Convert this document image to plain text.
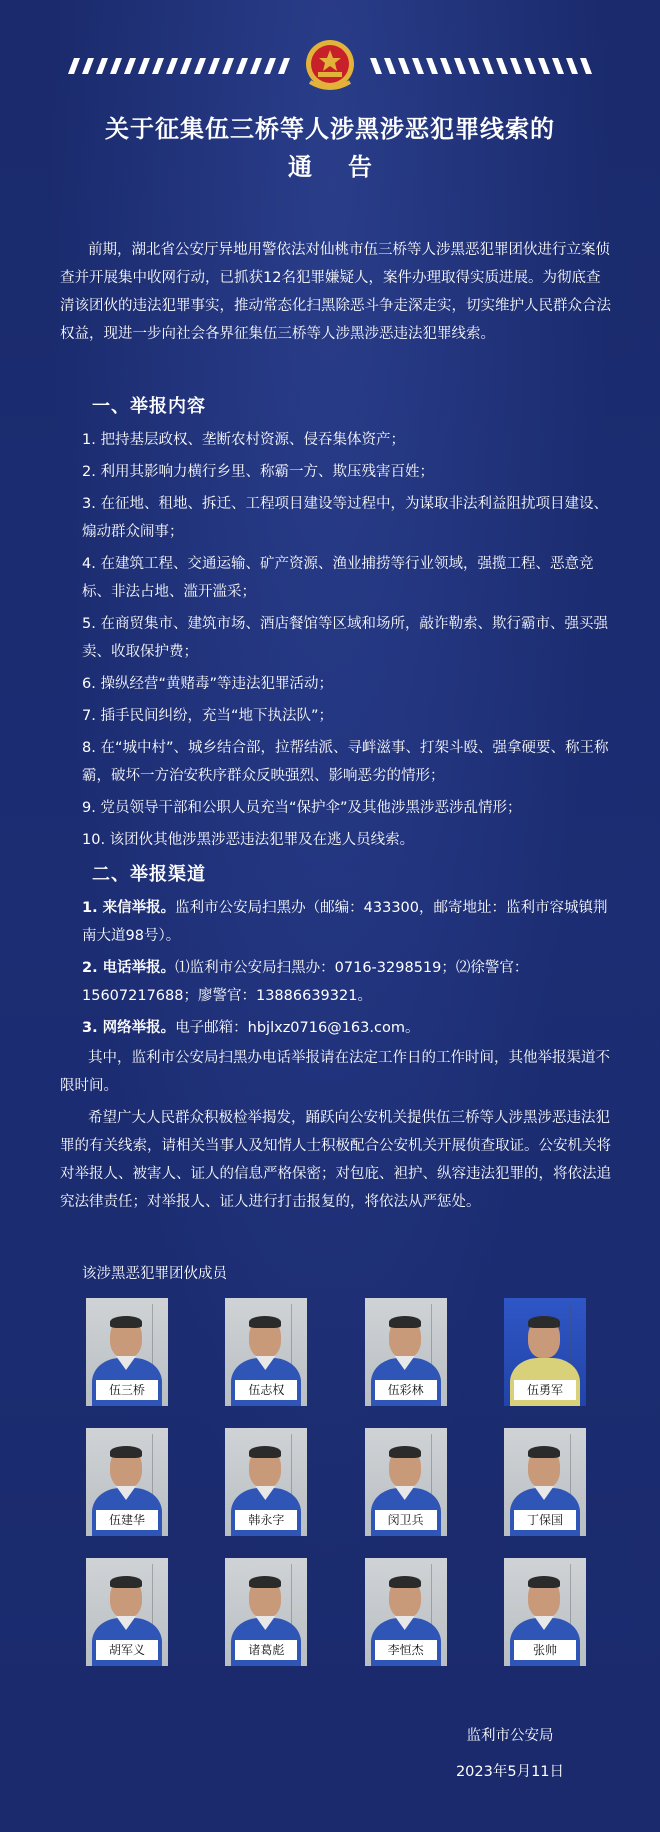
关于征集伍三桥等人涉黑涉恶犯罪线索的
通告

前期，湖北省公安厅异地用警依法对仙桃市伍三桥等人涉黑恶犯罪团伙进行立案侦查并开展集中收网行动，已抓获12名犯罪嫌疑人，案件办理取得实质进展。为彻底查清该团伙的违法犯罪事实，推动常态化扫黑除恶斗争走深走实，切实维护人民群众合法权益，现进一步向社会各界征集伍三桥等人涉黑涉恶违法犯罪线索。

一、举报内容
1. 把持基层政权、垄断农村资源、侵吞集体资产；
2. 利用其影响力横行乡里、称霸一方、欺压残害百姓；
3. 在征地、租地、拆迁、工程项目建设等过程中，为谋取非法利益阻扰项目建设、煽动群众闹事；
4. 在建筑工程、交通运输、矿产资源、渔业捕捞等行业领域，强揽工程、恶意竞标、非法占地、滥开滥采；
5. 在商贸集市、建筑市场、酒店餐馆等区域和场所，敲诈勒索、欺行霸市、强买强卖、收取保护费；
6. 操纵经营“黄赌毒”等违法犯罪活动；
7. 插手民间纠纷，充当“地下执法队”；
8. 在“城中村”、城乡结合部，拉帮结派、寻衅滋事、打架斗殴、强拿硬要、称王称霸，破坏一方治安秩序群众反映强烈、影响恶劣的情形；
9. 党员领导干部和公职人员充当“保护伞”及其他涉黑涉恶涉乱情形；
10. 该团伙其他涉黑涉恶违法犯罪及在逃人员线索。
二、举报渠道
1. 来信举报。监利市公安局扫黑办（邮编：433300，邮寄地址：监利市容城镇荆南大道98号）。
2. 电话举报。⑴监利市公安局扫黑办：0716-3298519；⑵徐警官：15607217688；廖警官：13886639321。
3. 网络举报。电子邮箱：hbjlxz0716@163.com。

其中，监利市公安局扫黑办电话举报请在法定工作日的工作时间，其他举报渠道不限时间。

希望广大人民群众积极检举揭发，踊跃向公安机关提供伍三桥等人涉黑涉恶违法犯罪的有关线索，请相关当事人及知情人士积极配合公安机关开展侦查取证。公安机关将对举报人、被害人、证人的信息严格保密；对包庇、袒护、纵容违法犯罪的，将依法追究法律责任；对举报人、证人进行打击报复的，将依法从严惩处。

该涉黑恶犯罪团伙成员
伍三桥	伍志权	伍彩林	伍勇军
伍建华	韩永字	闵卫兵	丁保国
胡军义	诸葛彪	李恒杰	张帅
监利市公安局
2023年5月11日
